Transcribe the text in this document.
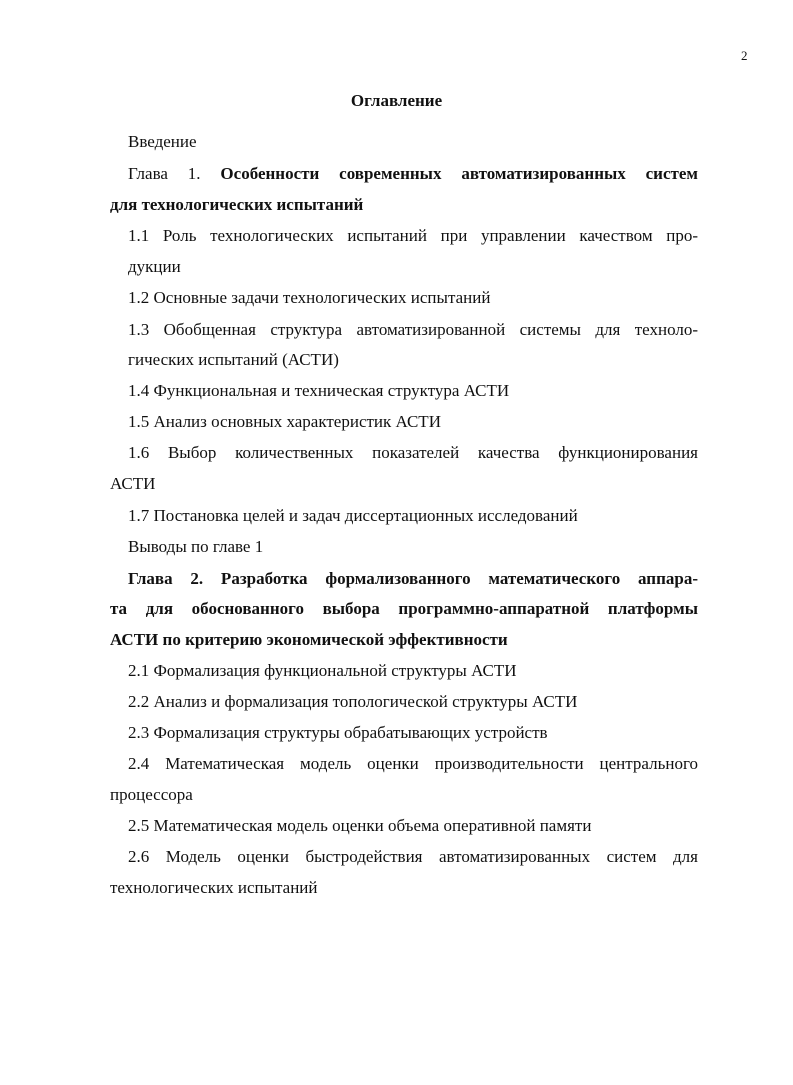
2
Оглавление
Введение
Глава 1. Особенности современных автоматизированных систем
для технологических испытаний
1.1 Роль технологических испытаний при управлении качеством про-
дукции
1.2 Основные задачи технологических испытаний
1.3 Обобщенная структура автоматизированной системы для техноло-
гических испытаний (АСТИ)
1.4 Функциональная и техническая структура АСТИ
1.5 Анализ основных характеристик АСТИ
1.6 Выбор количественных показателей качества функционирования
АСТИ
1.7 Постановка целей и задач диссертационных исследований
Выводы по главе 1
Глава 2. Разработка формализованного математического аппара-
та для обоснованного выбора программно-аппаратной платформы
АСТИ по критерию экономической эффективности
2.1 Формализация функциональной структуры АСТИ
2.2 Анализ и формализация топологической структуры АСТИ
2.3 Формализация структуры обрабатывающих устройств
2.4 Математическая модель оценки производительности центрального
процессора
2.5 Математическая модель оценки объема оперативной памяти
2.6 Модель оценки быстродействия автоматизированных систем для
технологических испытаний
